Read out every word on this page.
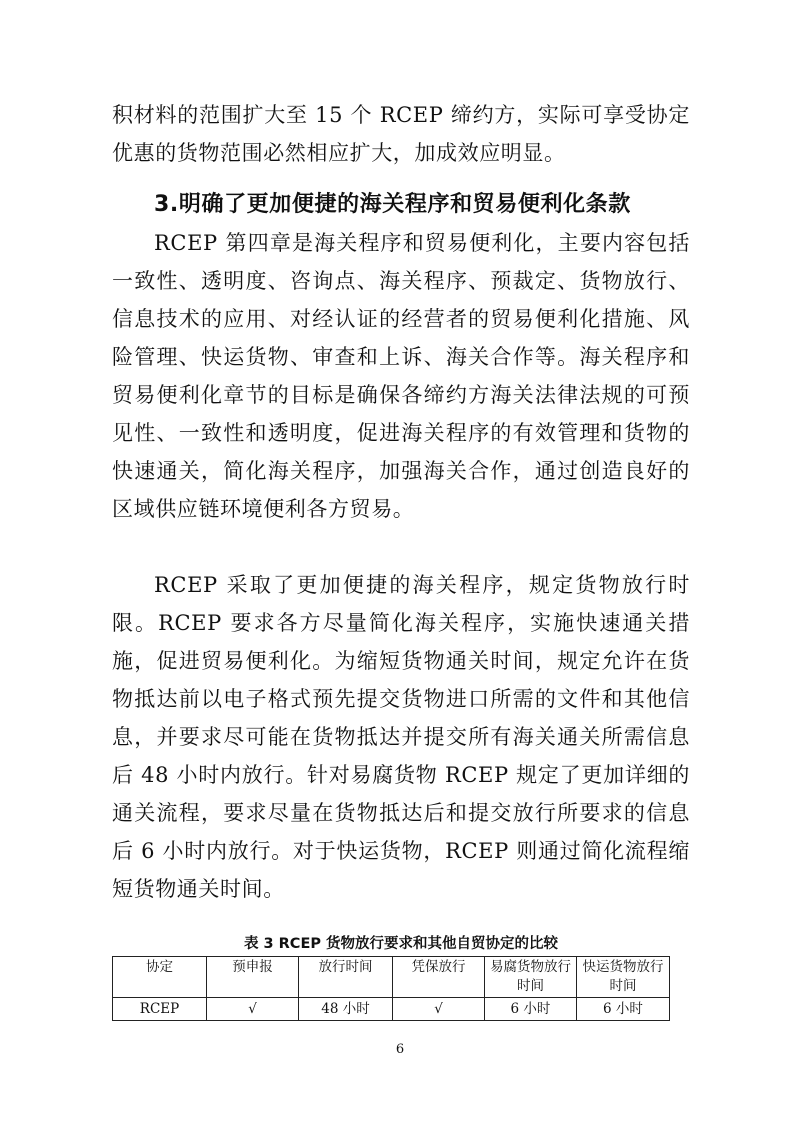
积材料的范围扩大至 15 个 RCEP 缔约方，实际可享受协定优惠的货物范围必然相应扩大，加成效应明显。

3.明确了更加便捷的海关程序和贸易便利化条款

RCEP 第四章是海关程序和贸易便利化，主要内容包括一致性、透明度、咨询点、海关程序、预裁定、货物放行、信息技术的应用、对经认证的经营者的贸易便利化措施、风险管理、快运货物、审查和上诉、海关合作等。海关程序和贸易便利化章节的目标是确保各缔约方海关法律法规的可预见性、一致性和透明度，促进海关程序的有效管理和货物的快速通关，简化海关程序，加强海关合作，通过创造良好的区域供应链环境便利各方贸易。

RCEP 采取了更加便捷的海关程序，规定货物放行时限。RCEP 要求各方尽量简化海关程序，实施快速通关措施，促进贸易便利化。为缩短货物通关时间，规定允许在货物抵达前以电子格式预先提交货物进口所需的文件和其他信息，并要求尽可能在货物抵达并提交所有海关通关所需信息后 48 小时内放行。针对易腐货物 RCEP 规定了更加详细的通关流程，要求尽量在货物抵达后和提交放行所要求的信息后 6 小时内放行。对于快运货物，RCEP 则通过简化流程缩短货物通关时间。

表 3 RCEP 货物放行要求和其他自贸协定的比较
协定	预申报	放行时间	凭保放行	易腐货物放行时间	快运货物放行时间
RCEP	√	48 小时	√	6 小时	6 小时
6
